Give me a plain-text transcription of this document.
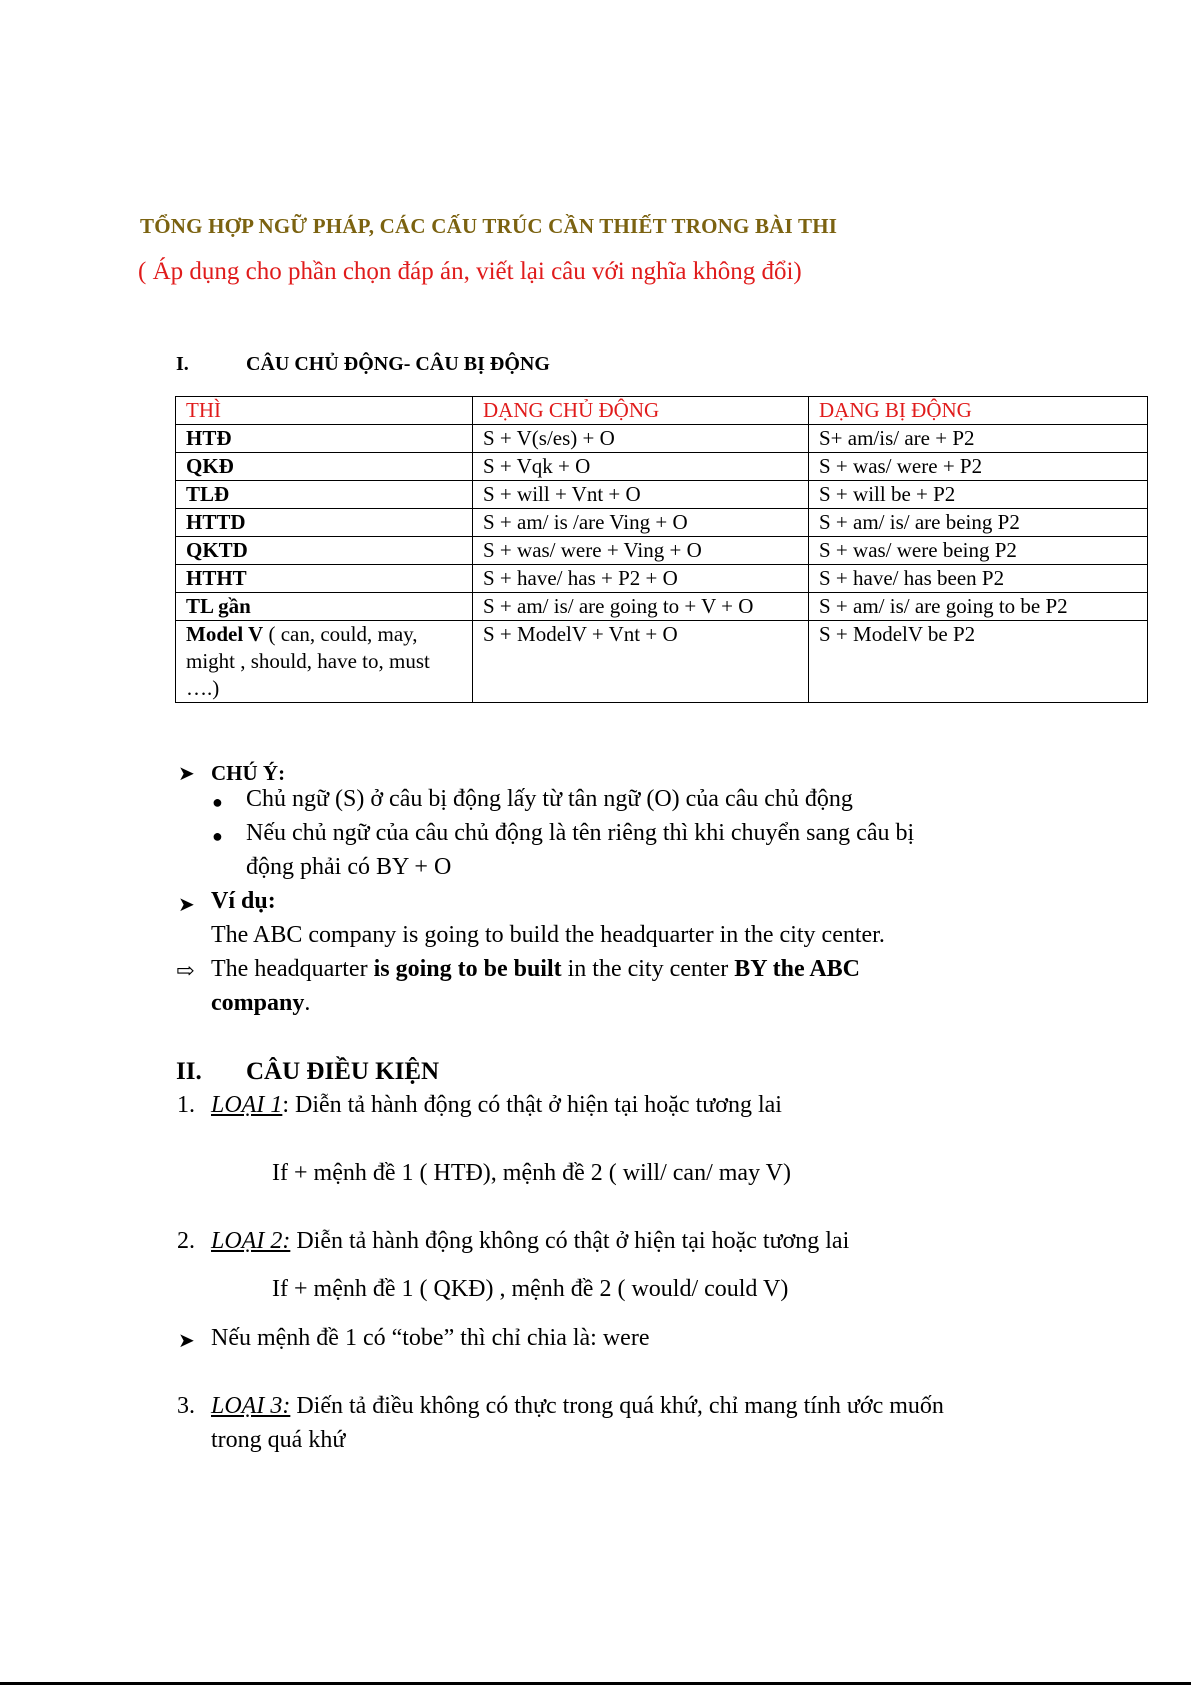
TỔNG HỢP NGỮ PHÁP, CÁC CẤU TRÚC CẦN THIẾT TRONG BÀI THI
( Áp dụng cho phần chọn đáp án, viết lại câu với nghĩa không đổi)
I.	CÂU CHỦ ĐỘNG- CÂU BỊ ĐỘNG
THÌ	DẠNG CHỦ ĐỘNG	DẠNG BỊ ĐỘNG
HTĐ	S + V(s/es) + O	S+ am/is/ are + P2
QKĐ	S + Vqk + O	S + was/ were + P2
TLĐ	S + will + Vnt + O	S + will be + P2
HTTD	S + am/ is /are Ving + O	S + am/ is/ are being P2
QKTD	S + was/ were + Ving + O	S + was/ were being P2
HTHT	S + have/ has + P2 + O	S + have/ has been P2
TL gần	S + am/ is/ are going to + V + O	S + am/ is/ are going to be P2
Model V ( can, could, may,
might , should, have to, must
….)	S + ModelV + Vnt + O	S + ModelV be P2
➤ CHÚ Ý:
● Chủ ngữ (S) ở câu bị động lấy từ tân ngữ (O) của câu chủ động
● Nếu chủ ngữ của câu chủ động là tên riêng thì khi chuyển sang câu bị
động phải có BY + O
➤ Ví dụ:
The ABC company is going to build the headquarter in the city center.
⇨ The headquarter is going to be built in the city center BY the ABC
company.
II. CÂU ĐIỀU KIỆN
1. LOẠI 1: Diễn tả hành động có thật ở hiện tại hoặc tương lai
If + mệnh đề 1 ( HTĐ), mệnh đề 2 ( will/ can/ may V)
2. LOẠI 2: Diễn tả hành động không có thật ở hiện tại hoặc tương lai
If + mệnh đề 1 ( QKĐ) , mệnh đề 2 ( would/ could V)
➤ Nếu mệnh đề 1 có “tobe” thì chỉ chia là: were
3. LOẠI 3: Diến tả điều không có thực trong quá khứ, chỉ mang tính ước muốn
trong quá khứ
